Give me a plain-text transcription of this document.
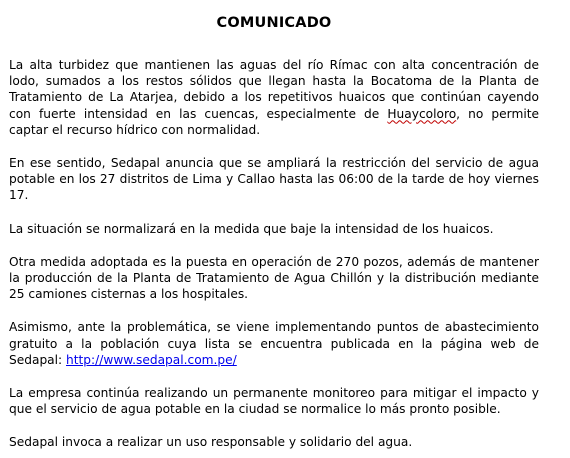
COMUNICADO

La alta turbidez que mantienen las aguas del río Rímac con alta concentración de lodo, sumados a los restos sólidos que llegan hasta la Bocatoma de la Planta de Tratamiento de La Atarjea, debido a los repetitivos huaicos que continúan cayendo con fuerte intensidad en las cuencas, especialmente de Huaycoloro, no permite captar el recurso hídrico con normalidad.

En ese sentido, Sedapal anuncia que se ampliará la restricción del servicio de agua potable en los 27 distritos de Lima y Callao hasta las 06:00 de la tarde de hoy viernes 17.

La situación se normalizará en la medida que baje la intensidad de los huaicos.

Otra medida adoptada es la puesta en operación de 270 pozos, además de mantener la producción de la Planta de Tratamiento de Agua Chillón y la distribución mediante 25 camiones cisternas a los hospitales.

Asimismo, ante la problemática, se viene implementando puntos de abastecimiento gratuito a la población cuya lista se encuentra publicada en la página web de Sedapal: http://www.sedapal.com.pe/

La empresa continúa realizando un permanente monitoreo para mitigar el impacto y que el servicio de agua potable en la ciudad se normalice lo más pronto posible.

Sedapal invoca a realizar un uso responsable y solidario del agua.
